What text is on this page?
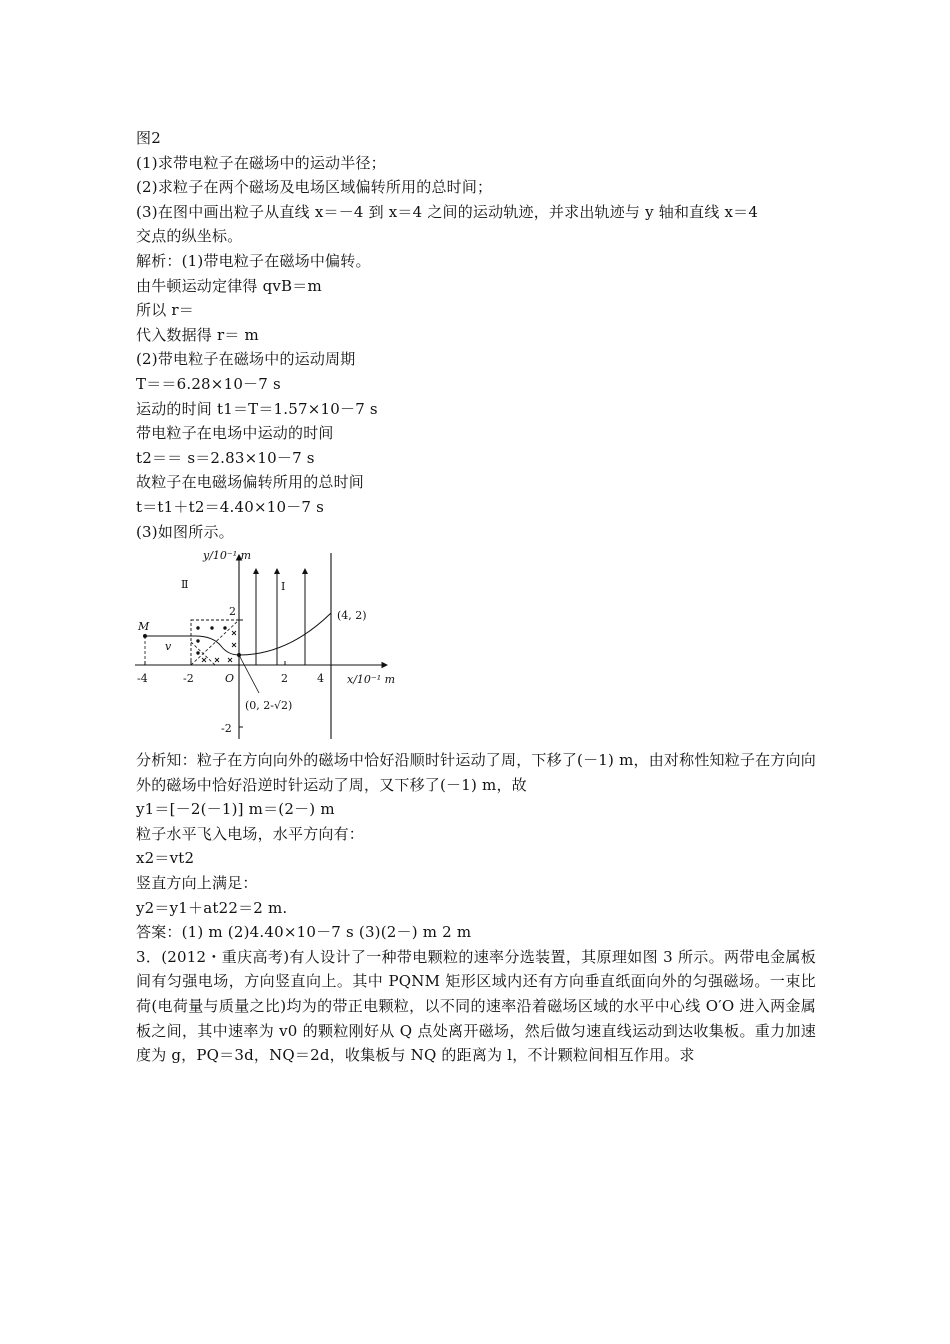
图2
(1)求带电粒子在磁场中的运动半径；
(2)求粒子在两个磁场及电场区域偏转所用的总时间；
(3)在图中画出粒子从直线 x＝－4 到 x＝4 之间的运动轨迹，并求出轨迹与 y 轴和直线 x＝4
交点的纵坐标。
解析：(1)带电粒子在磁场中偏转。
由牛顿运动定律得 qvB＝m
所以 r＝
代入数据得 r＝ m
(2)带电粒子在磁场中的运动周期
T＝＝6.28×10－7 s
运动的时间 t1＝T＝1.57×10－7 s
带电粒子在电场中运动的时间
t2＝＝ s＝2.83×10－7 s
故粒子在电磁场偏转所用的总时间
t＝t1＋t2＝4.40×10－7 s
(3)如图所示。
y/10⁻¹ m
x/10⁻¹ m
Ⅱ	Ⅰ
M
v
O
(4, 2)
(0, 2-√2)
-4	-2	2	4
2
-2
分析知：粒子在方向向外的磁场中恰好沿顺时针运动了周，下移了(－1) m，由对称性知粒子在方向向外的磁场中恰好沿逆时针运动了周，又下移了(－1) m，故
y1＝[－2(－1)] m＝(2－) m
粒子水平飞入电场，水平方向有：
x2＝vt2
竖直方向上满足：
y2＝y1＋at22＝2 m.
答案：(1) m (2)4.40×10－7 s (3)(2－) m 2 m
3．(2012・重庆高考)有人设计了一种带电颗粒的速率分选装置，其原理如图 3 所示。两带电金属板间有匀强电场，方向竖直向上。其中 PQNM 矩形区域内还有方向垂直纸面向外的匀强磁场。一束比荷(电荷量与质量之比)均为的带正电颗粒，以不同的速率沿着磁场区域的水平中心线 O′O 进入两金属板之间，其中速率为 v0 的颗粒刚好从 Q 点处离开磁场，然后做匀速直线运动到达收集板。重力加速度为 g，PQ＝3d，NQ＝2d，收集板与 NQ 的距离为 l，不计颗粒间相互作用。求
